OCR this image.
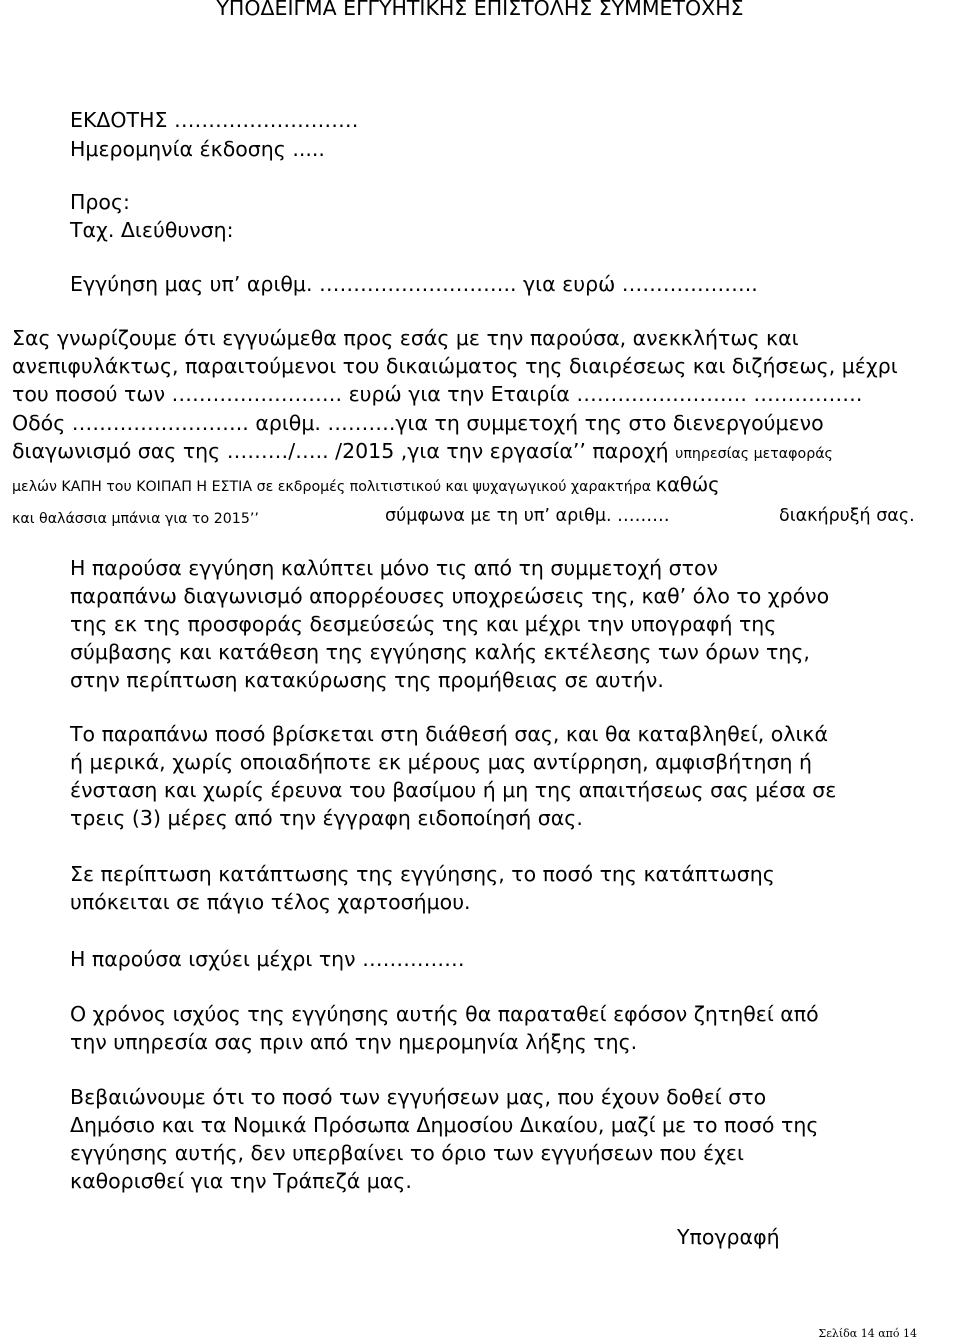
ΥΠΟΔΕΙΓΜΑ ΕΓΓΥΗΤΙΚΗΣ ΕΠΙΣΤΟΛΗΣ ΣΥΜΜΕΤΟΧΗΣ
ΕΚΔΟΤΗΣ ………………………
Ημερομηνία έκδοσης .....
Προς:
Ταχ. Διεύθυνση:
Εγγύηση μας υπ’ αριθμ. ……………………….. για ευρώ ………………..
Σας γνωρίζουμε ότι εγγυώμεθα προς εσάς με την παρούσα, ανεκκλήτως και
ανεπιφυλάκτως, παραιτούμενοι του δικαιώματος της διαιρέσεως και διζήσεως, μέχρι
του ποσού των ……………………. ευρώ για την Εταιρία ……………………. …………….
Οδός …………………….. αριθμ. ……….για τη συμμετοχή της στο διενεργούμενο
διαγωνισμό σας της ………/….. /2015 ,για την εργασία’’ παροχή υπηρεσίας μεταφοράς
μελών ΚΑΠΗ του ΚΟΙΠΑΠ Η ΕΣΤΙΑ σε εκδρομές πολιτιστικού και ψυχαγωγικού χαρακτήρα καθώς
και θαλάσσια μπάνια για το 2015’’	σύμφωνα με τη υπ’ αριθμ. ………	διακήρυξή σας.
Η παρούσα εγγύηση καλύπτει μόνο τις από τη συμμετοχή στον
παραπάνω διαγωνισμό απορρέουσες υποχρεώσεις της, καθ’ όλο το χρόνο
της εκ της προσφοράς δεσμεύσεώς της και μέχρι την υπογραφή της
σύμβασης και κατάθεση της εγγύησης καλής εκτέλεσης των όρων της,
στην περίπτωση κατακύρωσης της προμήθειας σε αυτήν.
Το παραπάνω ποσό βρίσκεται στη διάθεσή σας, και θα καταβληθεί, ολικά
ή μερικά, χωρίς οποιαδήποτε εκ μέρους μας αντίρρηση, αμφισβήτηση ή
ένσταση και χωρίς έρευνα του βασίμου ή μη της απαιτήσεως σας μέσα σε
τρεις (3) μέρες από την έγγραφη ειδοποίησή σας.
Σε περίπτωση κατάπτωσης της εγγύησης, το ποσό της κατάπτωσης
υπόκειται σε πάγιο τέλος χαρτοσήμου.
Η παρούσα ισχύει μέχρι την ……………
Ο χρόνος ισχύος της εγγύησης αυτής θα παραταθεί εφόσον ζητηθεί από
την υπηρεσία σας πριν από την ημερομηνία λήξης της.
Βεβαιώνουμε ότι το ποσό των εγγυήσεων μας, που έχουν δοθεί στο
Δημόσιο και τα Νομικά Πρόσωπα Δημοσίου Δικαίου, μαζί με το ποσό της
εγγύησης αυτής, δεν υπερβαίνει το όριο των εγγυήσεων που έχει
καθορισθεί για την Τράπεζά μας.
Υπογραφή
Σελίδα 14 από 14
